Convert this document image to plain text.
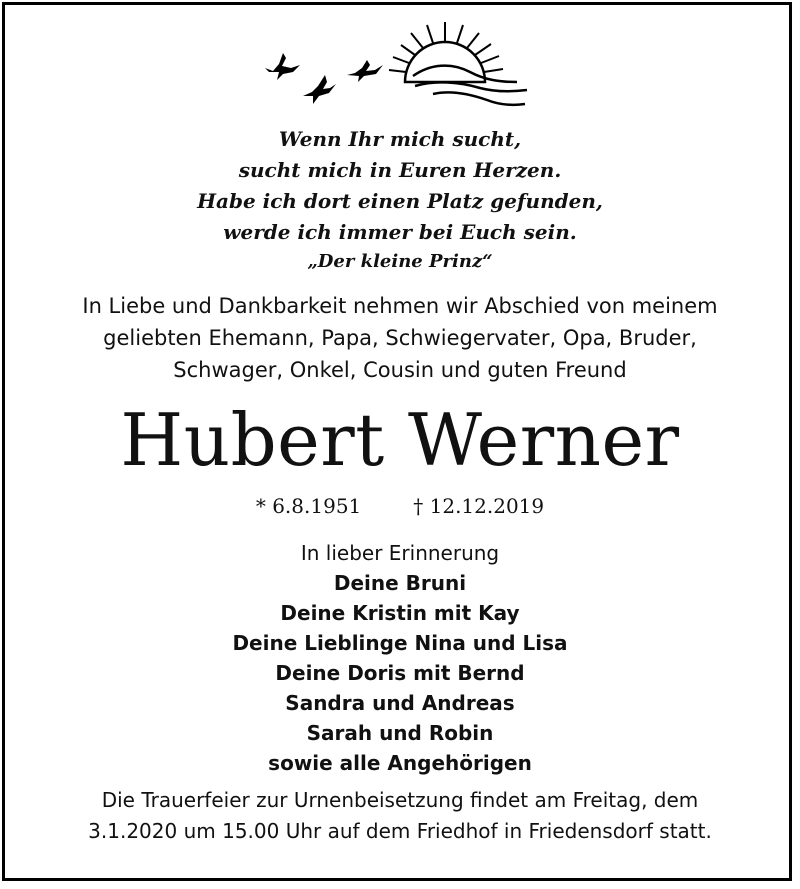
Wenn Ihr mich sucht,
sucht mich in Euren Herzen.
Habe ich dort einen Platz gefunden,
werde ich immer bei Euch sein.
„Der kleine Prinz“
In Liebe und Dankbarkeit nehmen wir Abschied von meinem
geliebten Ehemann, Papa, Schwiegervater, Opa, Bruder,
Schwager, Onkel, Cousin und guten Freund
Hubert Werner
* 6.8.1951	† 12.12.2019
In lieber Erinnerung
Deine Bruni
Deine Kristin mit Kay
Deine Lieblinge Nina und Lisa
Deine Doris mit Bernd
Sandra und Andreas
Sarah und Robin
sowie alle Angehörigen
Die Trauerfeier zur Urnenbeisetzung findet am Freitag, dem
3.1.2020 um 15.00 Uhr auf dem Friedhof in Friedensdorf statt.
